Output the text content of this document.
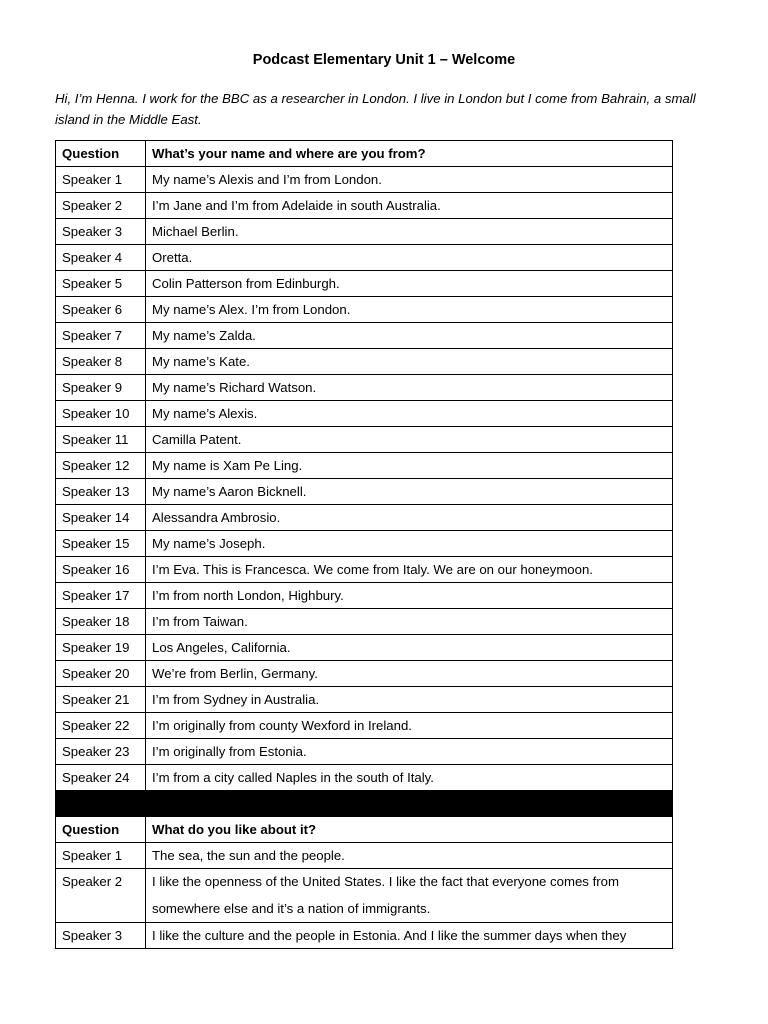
Podcast Elementary Unit 1 – Welcome
Hi, I’m Henna. I work for the BBC as a researcher in London. I live in London but I come from Bahrain, a small island in the Middle East.
Question	What’s your name and where are you from?
Speaker 1	My name’s Alexis and I’m from London.
Speaker 2	I’m Jane and I’m from Adelaide in south Australia.
Speaker 3	Michael Berlin.
Speaker 4	Oretta.
Speaker 5	Colin Patterson from Edinburgh.
Speaker 6	My name’s Alex. I’m from London.
Speaker 7	My name’s Zalda.
Speaker 8	My name’s Kate.
Speaker 9	My name’s Richard Watson.
Speaker 10	My name’s Alexis.
Speaker 11	Camilla Patent.
Speaker 12	My name is Xam Pe Ling.
Speaker 13	My name’s Aaron Bicknell.
Speaker 14	Alessandra Ambrosio.
Speaker 15	My name’s Joseph.
Speaker 16	I’m Eva. This is Francesca. We come from Italy. We are on our honeymoon.
Speaker 17	I’m from north London, Highbury.
Speaker 18	I’m from Taiwan.
Speaker 19	Los Angeles, California.
Speaker 20	We’re from Berlin, Germany.
Speaker 21	I’m from Sydney in Australia.
Speaker 22	I’m originally from county Wexford in Ireland.
Speaker 23	I’m originally from Estonia.
Speaker 24	I’m from a city called Naples in the south of Italy.

Question	What do you like about it?
Speaker 1	The sea, the sun and the people.
Speaker 2	I like the openness of the United States. I like the fact that everyone comes from somewhere else and it’s a nation of immigrants.
Speaker 3	I like the culture and the people in Estonia. And I like the summer days when they
